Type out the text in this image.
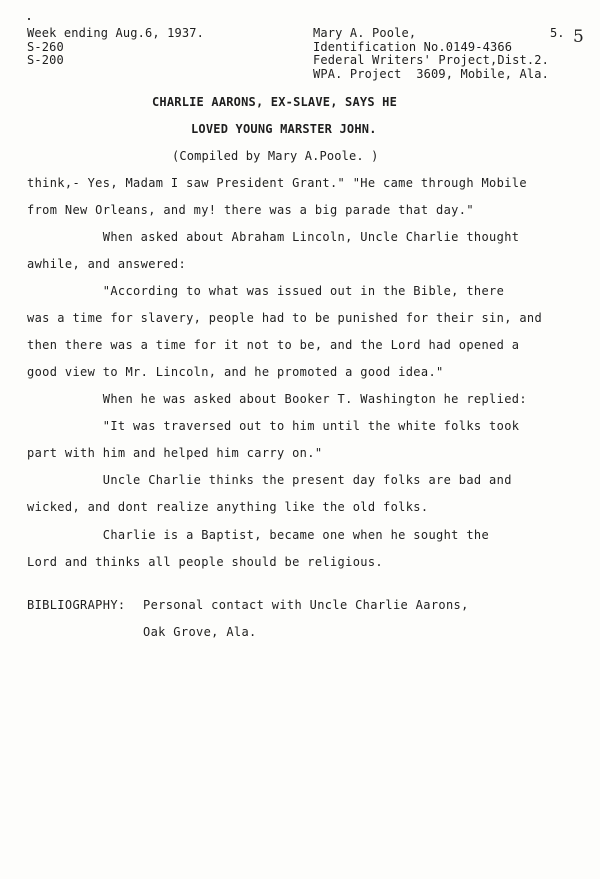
Week ending Aug.6, 1937.
S-260
S-200
Mary A. Poole,
Identification No.0149-4366
Federal Writers' Project,Dist.2.
WPA. Project  3609, Mobile, Ala.
5. 5
CHARLIE AARONS, EX-SLAVE, SAYS HE
LOVED YOUNG MARSTER JOHN.
(Compiled by Mary A.Poole. )
think,- Yes, Madam I saw President Grant." "He came through Mobile
from New Orleans, and my! there was a big parade that day."
When asked about Abraham Lincoln, Uncle Charlie thought
awhile, and answered:
"According to what was issued out in the Bible, there
was a time for slavery, people had to be punished for their sin, and
then there was a time for it not to be, and the Lord had opened a
good view to Mr. Lincoln, and he promoted a good idea."
When he was asked about Booker T. Washington he replied:
"It was traversed out to him until the white folks took
part with him and helped him carry on."
Uncle Charlie thinks the present day folks are bad and
wicked, and dont realize anything like the old folks.
Charlie is a Baptist, became one when he sought the
Lord and thinks all people should be religious.
BIBLIOGRAPHY: Personal contact with Uncle Charlie Aarons,
Oak Grove, Ala.
